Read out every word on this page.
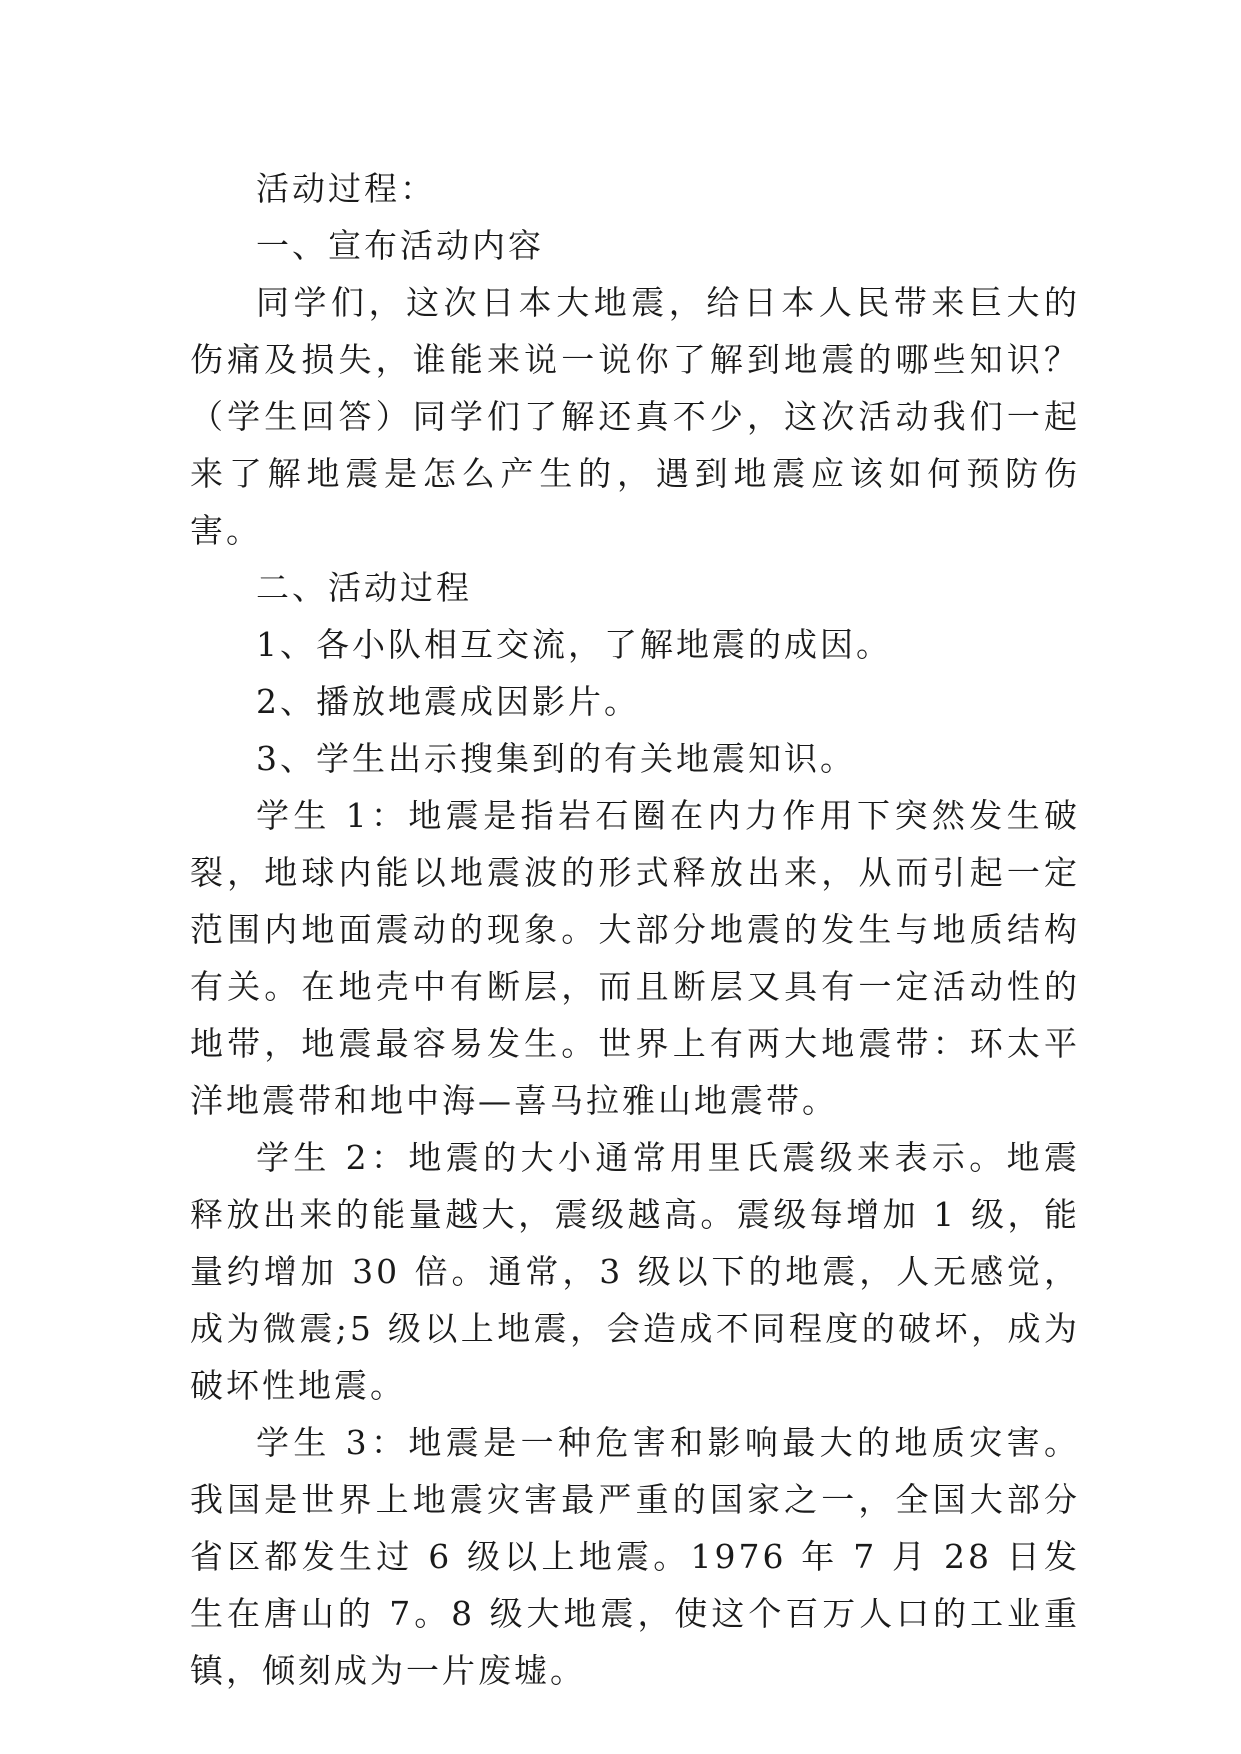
活动过程：

一、宣布活动内容

同学们，这次日本大地震，给日本人民带来巨大的伤痛及损失，谁能来说一说你了解到地震的哪些知识？（学生回答）同学们了解还真不少，这次活动我们一起来了解地震是怎么产生的，遇到地震应该如何预防伤害。

二、活动过程

1、各小队相互交流，了解地震的成因。

2、播放地震成因影片。

3、学生出示搜集到的有关地震知识。

学生 1：地震是指岩石圈在内力作用下突然发生破裂，地球内能以地震波的形式释放出来，从而引起一定范围内地面震动的现象。大部分地震的发生与地质结构有关。在地壳中有断层，而且断层又具有一定活动性的地带，地震最容易发生。世界上有两大地震带：环太平洋地震带和地中海—喜马拉雅山地震带。

学生 2：地震的大小通常用里氏震级来表示。地震释放出来的能量越大，震级越高。震级每增加 1 级，能量约增加 30 倍。通常，3 级以下的地震，人无感觉，成为微震;5 级以上地震，会造成不同程度的破坏，成为破坏性地震。

学生 3：地震是一种危害和影响最大的地质灾害。我国是世界上地震灾害最严重的国家之一，全国大部分省区都发生过 6 级以上地震。1976 年 7 月 28 日发生在唐山的 7。8 级大地震，使这个百万人口的工业重镇，倾刻成为一片废墟。
